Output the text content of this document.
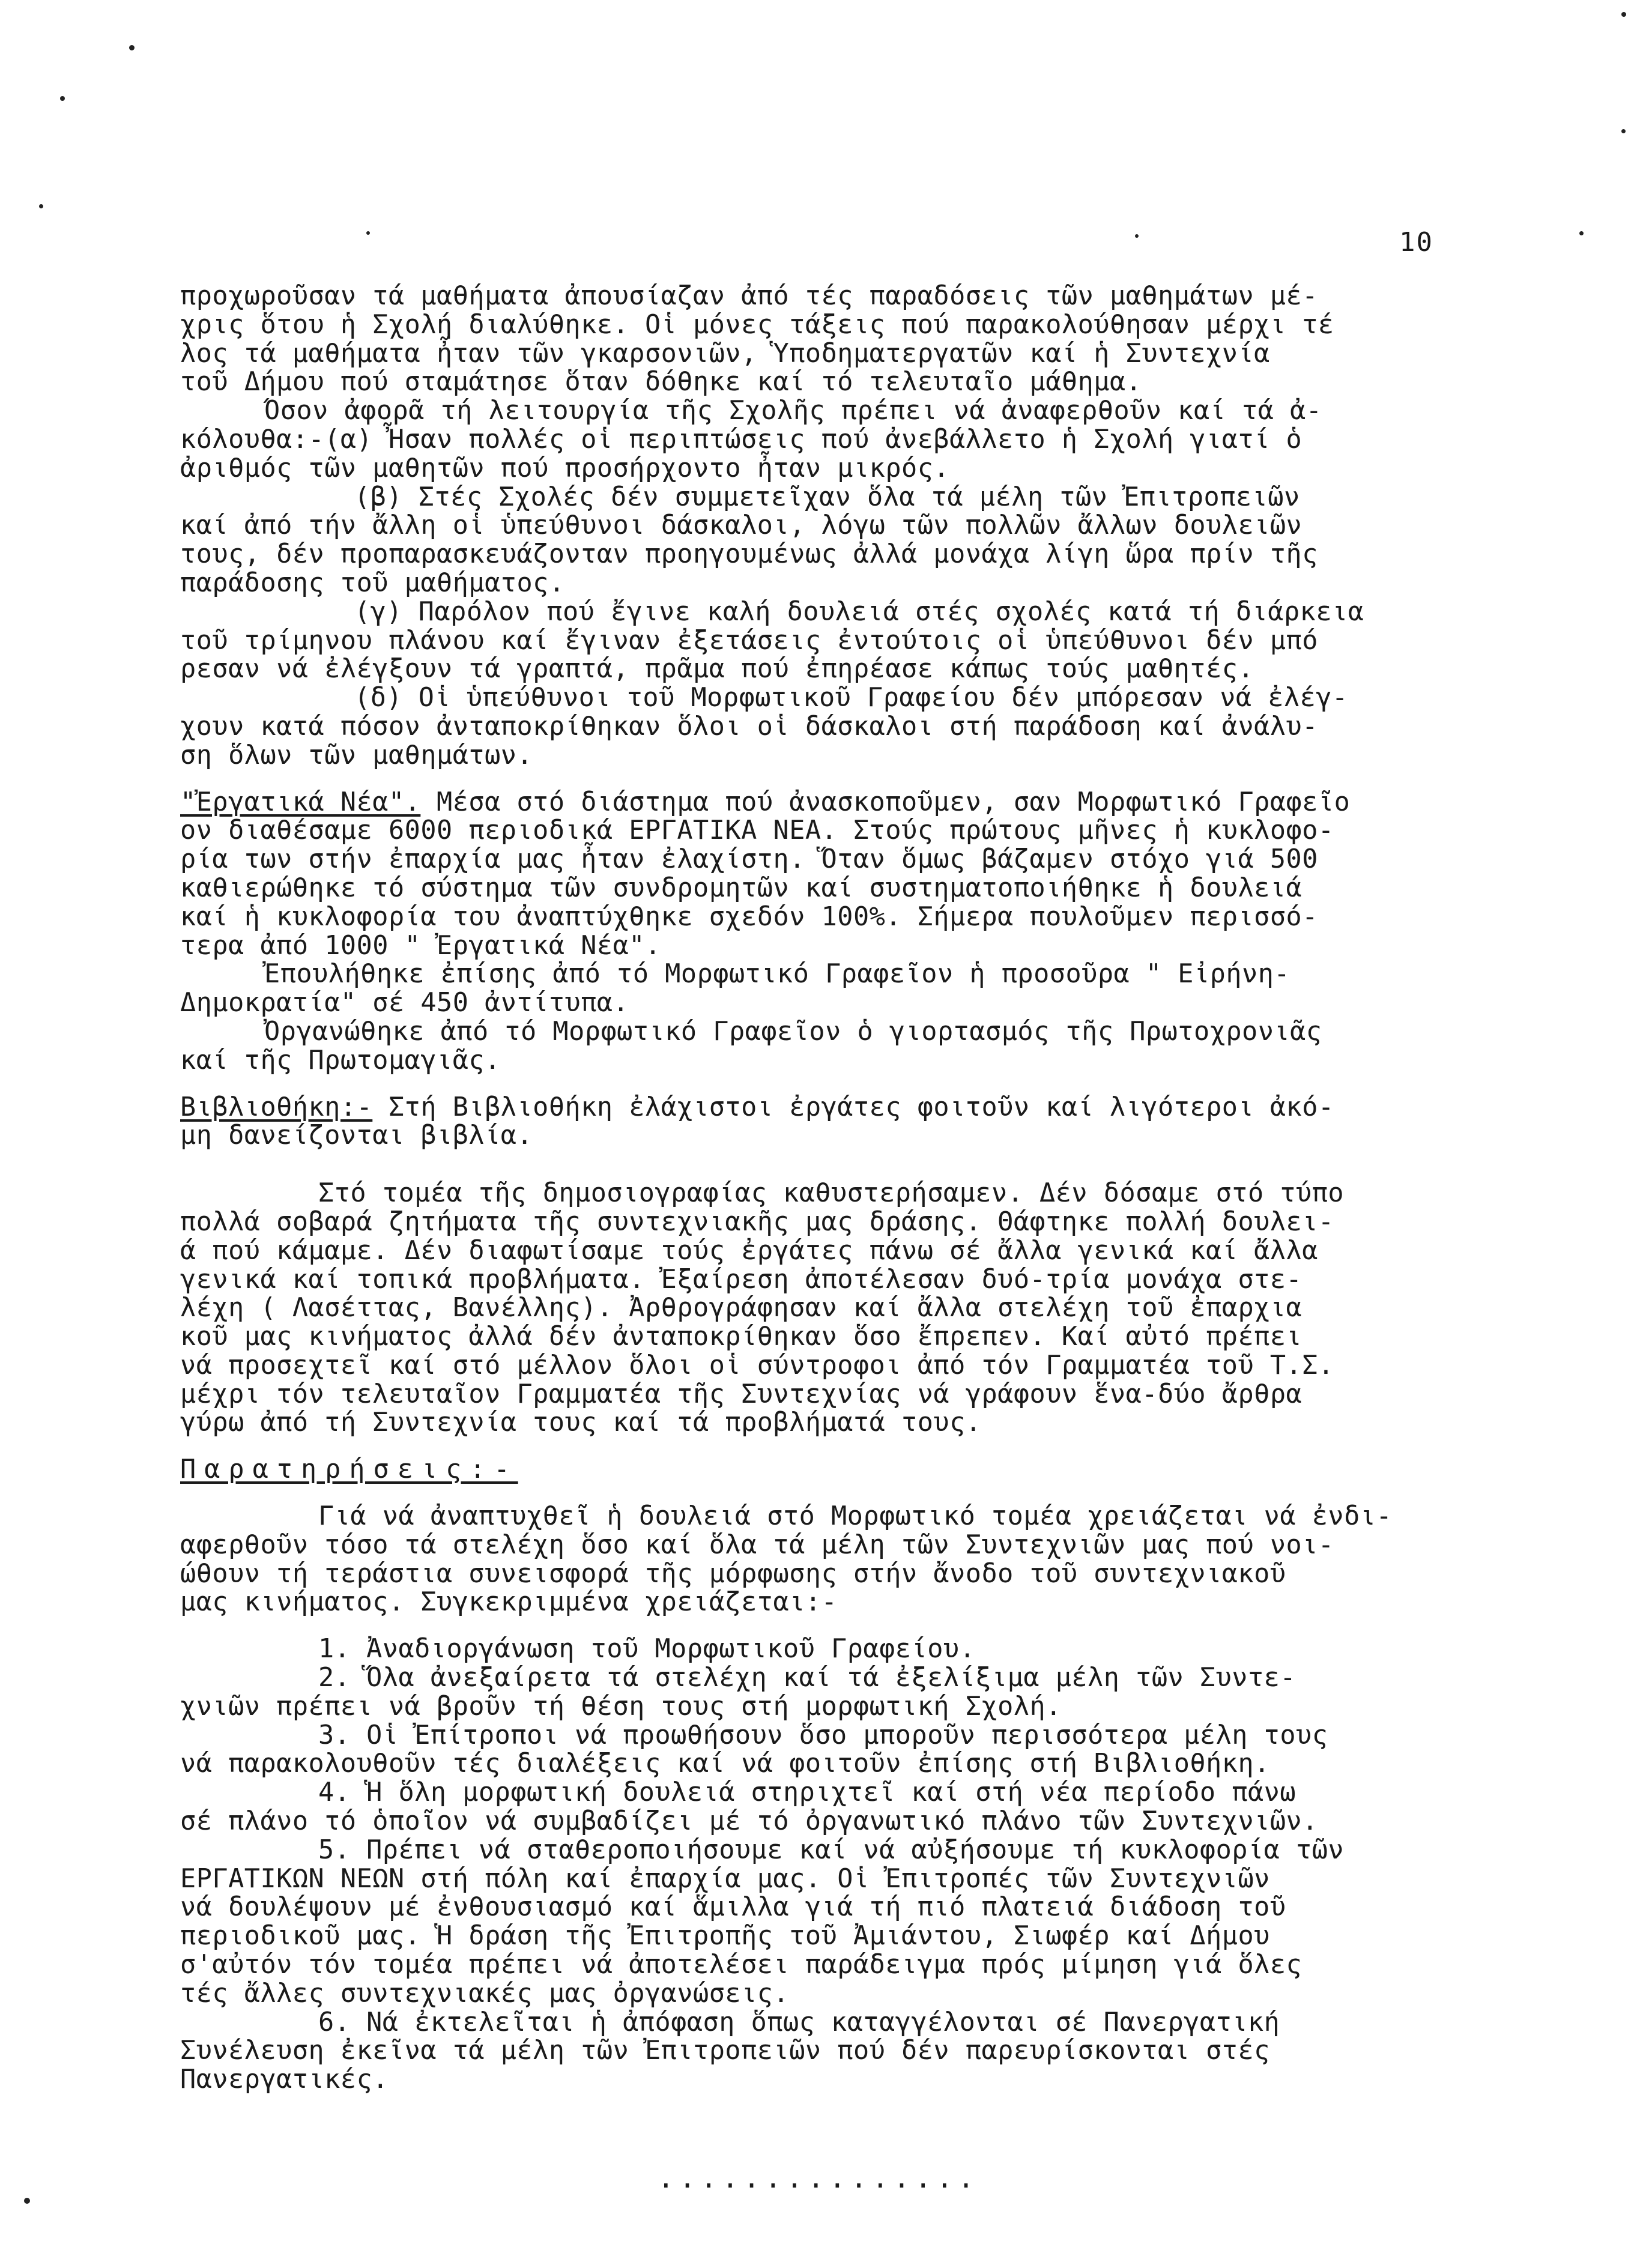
10
προχωροῦσαν τά μαθήματα ἀπουσίαζαν ἀπό τές παραδόσεις τῶν μαθημάτων μέ-
χρις ὅτου ἡ Σχολή διαλύθηκε. Οἱ μόνες τάξεις πού παρακολούθησαν μέρχι τέ
λος τά μαθήματα ἦταν τῶν γκαρσονιῶν, Ὑποδηματεργατῶν καί ἡ Συντεχνία
τοῦ Δήμου πού σταμάτησε ὅταν δόθηκε καί τό τελευταῖο μάθημα.
Όσον ἀφορᾶ τή λειτουργία τῆς Σχολῆς πρέπει νά ἀναφερθοῦν καί τά ἀ-
κόλουθα:-(α) Ἦσαν πολλές οἱ περιπτώσεις πού ἀνεβάλλετο ἡ Σχολή γιατί ὁ
ἀριθμός τῶν μαθητῶν πού προσήρχοντο ἦταν μικρός.
(β) Στές Σχολές δέν συμμετεῖχαν ὅλα τά μέλη τῶν Ἐπιτροπειῶν
καί ἀπό τήν ἄλλη οἱ ὑπεύθυνοι δάσκαλοι, λόγω τῶν πολλῶν ἄλλων δουλειῶν
τους, δέν προπαρασκευάζονταν προηγουμένως ἀλλά μονάχα λίγη ὥρα πρίν τῆς
παράδοσης τοῦ μαθήματος.
(γ) Παρόλον πού ἔγινε καλή δουλειά στές σχολές κατά τή διάρκεια
τοῦ τρίμηνου πλάνου καί ἔγιναν ἐξετάσεις ἐντούτοις οἱ ὑπεύθυνοι δέν μπό
ρεσαν νά ἐλέγξουν τά γραπτά, πρᾶμα πού ἐπηρέασε κάπως τούς μαθητές.
(δ) Οἱ ὑπεύθυνοι τοῦ Μορφωτικοῦ Γραφείου δέν μπόρεσαν νά ἐλέγ-
χουν κατά πόσον ἀνταποκρίθηκαν ὅλοι οἱ δάσκαλοι στή παράδοση καί ἀνάλυ-
ση ὅλων τῶν μαθημάτων.
"Ἐργατικά Νέα". Μέσα στό διάστημα πού ἀνασκοποῦμεν, σαν Μορφωτικό Γραφεῖο
ον διαθέσαμε 6000 περιοδικά ΕΡΓΑΤΙΚΑ ΝΕΑ. Στούς πρώτους μῆνες ἡ κυκλοφο-
ρία των στήν ἐπαρχία μας ἦταν ἐλαχίστη. Ὅταν ὅμως βάζαμεν στόχο γιά 500
καθιερώθηκε τό σύστημα τῶν συνδρομητῶν καί συστηματοποιήθηκε ἡ δουλειά
καί ἡ κυκλοφορία του ἀναπτύχθηκε σχεδόν 100%. Σήμερα πουλοῦμεν περισσό-
τερα ἀπό 1000 " Ἐργατικά Νέα".
Ἐπουλήθηκε ἐπίσης ἀπό τό Μορφωτικό Γραφεῖον ἡ προσοῦρα " Εἰρήνη-
Δημοκρατία" σέ 450 ἀντίτυπα.
Ὀργανώθηκε ἀπό τό Μορφωτικό Γραφεῖον ὁ γιορτασμός τῆς Πρωτοχρονιᾶς
καί τῆς Πρωτομαγιᾶς.
Βιβλιοθήκη:- Στή Βιβλιοθήκη ἐλάχιστοι ἐργάτες φοιτοῦν καί λιγότεροι ἀκό-
μη δανείζονται βιβλία.
Στό τομέα τῆς δημοσιογραφίας καθυστερήσαμεν. Δέν δόσαμε στό τύπο
πολλά σοβαρά ζητήματα τῆς συντεχνιακῆς μας δράσης. Θάφτηκε πολλή δουλει-
ά πού κάμαμε. Δέν διαφωτίσαμε τούς ἐργάτες πάνω σέ ἄλλα γενικά καί ἄλλα
γενικά καί τοπικά προβλήματα. Ἐξαίρεση ἀποτέλεσαν δυό-τρία μονάχα στε-
λέχη ( Λασέττας, Βανέλλης). Ἀρθρογράφησαν καί ἄλλα στελέχη τοῦ ἐπαρχια
κοῦ μας κινήματος ἀλλά δέν ἀνταποκρίθηκαν ὅσο ἔπρεπεν. Καί αὐτό πρέπει
νά προσεχτεῖ καί στό μέλλον ὅλοι οἱ σύντροφοι ἀπό τόν Γραμματέα τοῦ Τ.Σ.
μέχρι τόν τελευταῖον Γραμματέα τῆς Συντεχνίας νά γράφουν ἕνα-δύο ἄρθρα
γύρω ἀπό τή Συντεχνία τους καί τά προβλήματά τους.
Παρατηρήσεις:-
Γιά νά ἀναπτυχθεῖ ἡ δουλειά στό Μορφωτικό τομέα χρειάζεται νά ἐνδι-
αφερθοῦν τόσο τά στελέχη ὅσο καί ὅλα τά μέλη τῶν Συντεχνιῶν μας πού νοι-
ώθουν τή τεράστια συνεισφορά τῆς μόρφωσης στήν ἄνοδο τοῦ συντεχνιακοῦ
μας κινήματος. Συγκεκριμμένα χρειάζεται:-
1. Ἀναδιοργάνωση τοῦ Μορφωτικοῦ Γραφείου.
2. Ὅλα ἀνεξαίρετα τά στελέχη καί τά ἐξελίξιμα μέλη τῶν Συντε-
χνιῶν πρέπει νά βροῦν τή θέση τους στή μορφωτική Σχολή.
3. Οἱ Ἐπίτροποι νά προωθήσουν ὅσο μποροῦν περισσότερα μέλη τους
νά παρακολουθοῦν τές διαλέξεις καί νά φοιτοῦν ἐπίσης στή Βιβλιοθήκη.
4. Ἡ ὅλη μορφωτική δουλειά στηριχτεῖ καί στή νέα περίοδο πάνω
σέ πλάνο τό ὁποῖον νά συμβαδίζει μέ τό ὀργανωτικό πλάνο τῶν Συντεχνιῶν.
5. Πρέπει νά σταθεροποιήσουμε καί νά αὐξήσουμε τή κυκλοφορία τῶν
ΕΡΓΑΤΙΚΩΝ ΝΕΩΝ στή πόλη καί ἐπαρχία μας. Οἱ Ἐπιτροπές τῶν Συντεχνιῶν
νά δουλέψουν μέ ἐνθουσιασμό καί ἅμιλλα γιά τή πιό πλατειά διάδοση τοῦ
περιοδικοῦ μας. Ἡ δράση τῆς Ἐπιτροπῆς τοῦ Ἀμιάντου, Σιωφέρ καί Δήμου
σ'αὐτόν τόν τομέα πρέπει νά ἀποτελέσει παράδειγμα πρός μίμηση γιά ὅλες
τές ἄλλες συντεχνιακές μας ὀργανώσεις.
6. Νά ἐκτελεῖται ἡ ἀπόφαση ὅπως καταγγέλονται σέ Πανεργατική
Συνέλευση ἐκεῖνα τά μέλη τῶν Ἐπιτροπειῶν πού δέν παρευρίσκονται στές
Πανεργατικές.
...............
